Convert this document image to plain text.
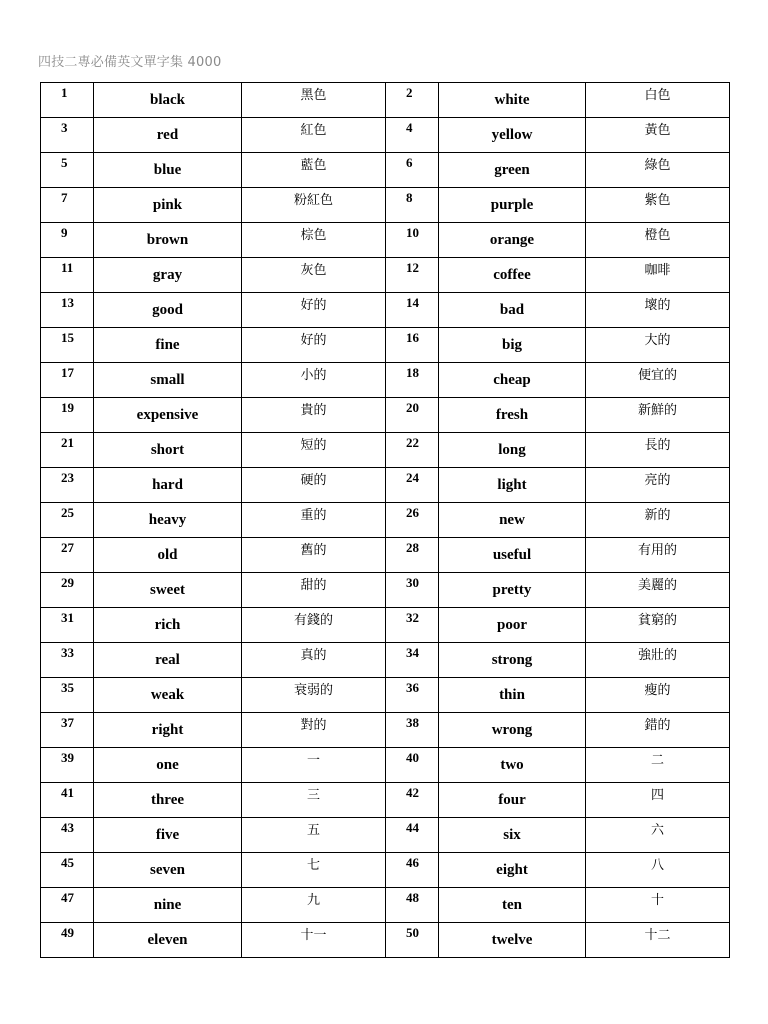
四技二專必備英文單字集 4000
1	black	黑色	2	white	白色
3	red	紅色	4	yellow	黃色
5	blue	藍色	6	green	綠色
7	pink	粉紅色	8	purple	紫色
9	brown	棕色	10	orange	橙色
11	gray	灰色	12	coffee	咖啡
13	good	好的	14	bad	壞的
15	fine	好的	16	big	大的
17	small	小的	18	cheap	便宜的
19	expensive	貴的	20	fresh	新鮮的
21	short	短的	22	long	長的
23	hard	硬的	24	light	亮的
25	heavy	重的	26	new	新的
27	old	舊的	28	useful	有用的
29	sweet	甜的	30	pretty	美麗的
31	rich	有錢的	32	poor	貧窮的
33	real	真的	34	strong	強壯的
35	weak	衰弱的	36	thin	瘦的
37	right	對的	38	wrong	錯的
39	one	一	40	two	二
41	three	三	42	four	四
43	five	五	44	six	六
45	seven	七	46	eight	八
47	nine	九	48	ten	十
49	eleven	十一	50	twelve	十二
